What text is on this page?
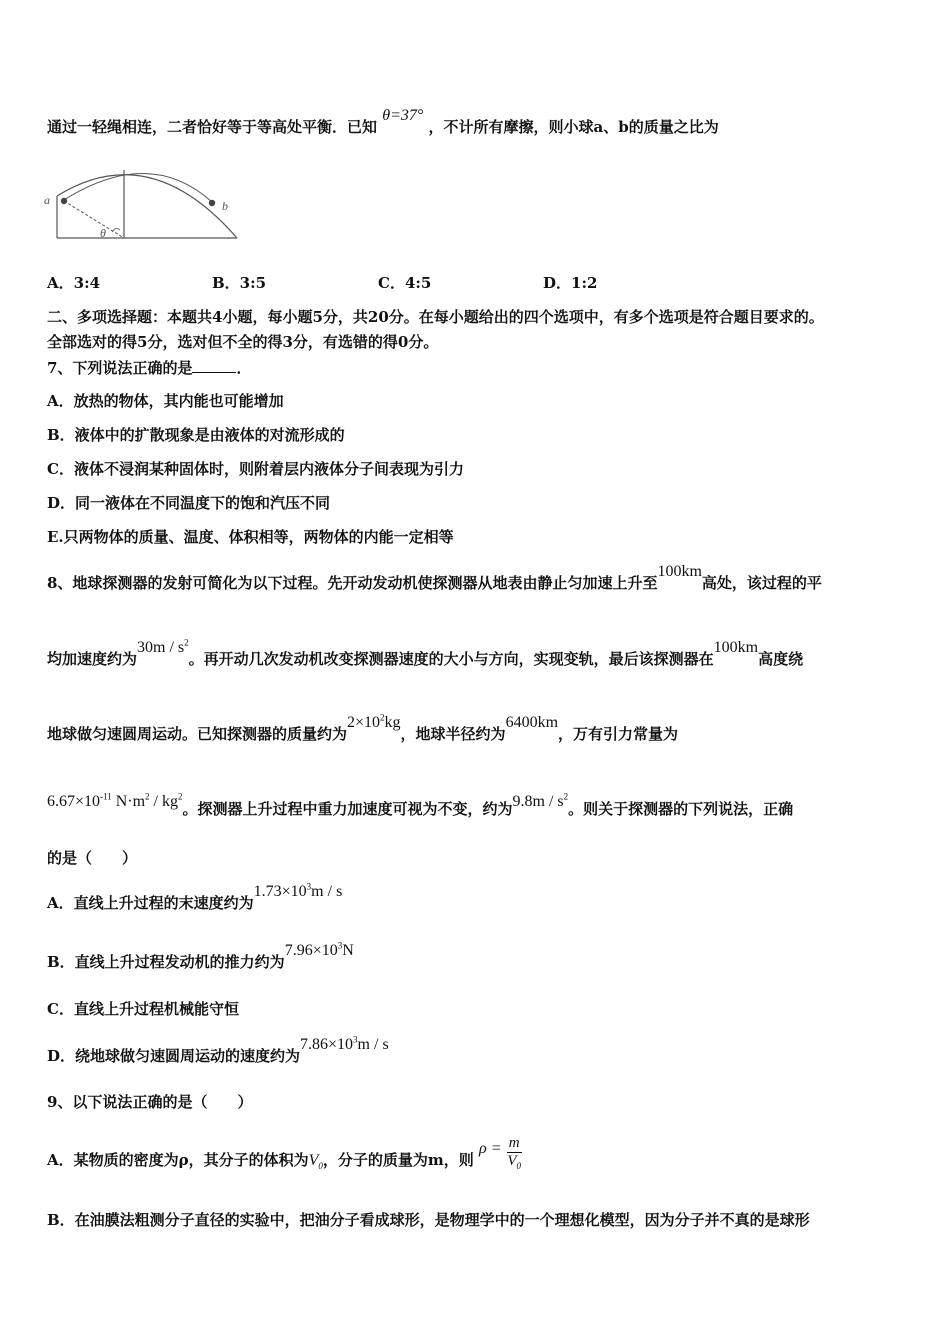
通过一轻绳相连，二者恰好等于等高处平衡．已知 θ=37° ，不计所有摩擦，则小球a、b的质量之比为
a	b
θ
A．3:4	B．3:5	C．4:5	D．1:2
二、多项选择题：本题共4小题，每小题5分，共20分。在每小题给出的四个选项中，有多个选项是符合题目要求的。
全部选对的得5分，选对但不全的得3分，有选错的得0分。
7、下列说法正确的是	．
A．放热的物体，其内能也可能增加
B．液体中的扩散现象是由液体的对流形成的
C．液体不浸润某种固体时，则附着层内液体分子间表现为引力
D．同一液体在不同温度下的饱和汽压不同
E.只两物体的质量、温度、体积相等，两物体的内能一定相等
8、地球探测器的发射可简化为以下过程。先开动发动机使探测器从地表由静止匀加速上升至100km高处，该过程的平
均加速度约为$30m / s^2$。再开动几次发动机改变探测器速度的大小与方向，实现变轨，最后该探测器在100km高度绕
地球做匀速圆周运动。已知探测器的质量约为$2\times 10^2kg$，地球半径约为6400km，万有引力常量为
$6.67\times 10^{-11}$ $N\cdot m^2 / kg^2$。探测器上升过程中重力加速度可视为不变，约为$9.8m / s^2$。则关于探测器的下列说法，正确
的是（　　）
A．直线上升过程的末速度约为$1.73\times 10^3m / s$
B．直线上升过程发动机的推力约为$7.96\times 10^3N$
C．直线上升过程机械能守恒
D．绕地球做匀速圆周运动的速度约为$7.86\times 10^3m / s$
9、以下说法正确的是（　　）
A．某物质的密度为ρ，其分子的体积为$V_0$，分子的质量为m，则 $\rho = \frac{m}{V_0}$
B．在油膜法粗测分子直径的实验中，把油分子看成球形，是物理学中的一个理想化模型，因为分子并不真的是球形
